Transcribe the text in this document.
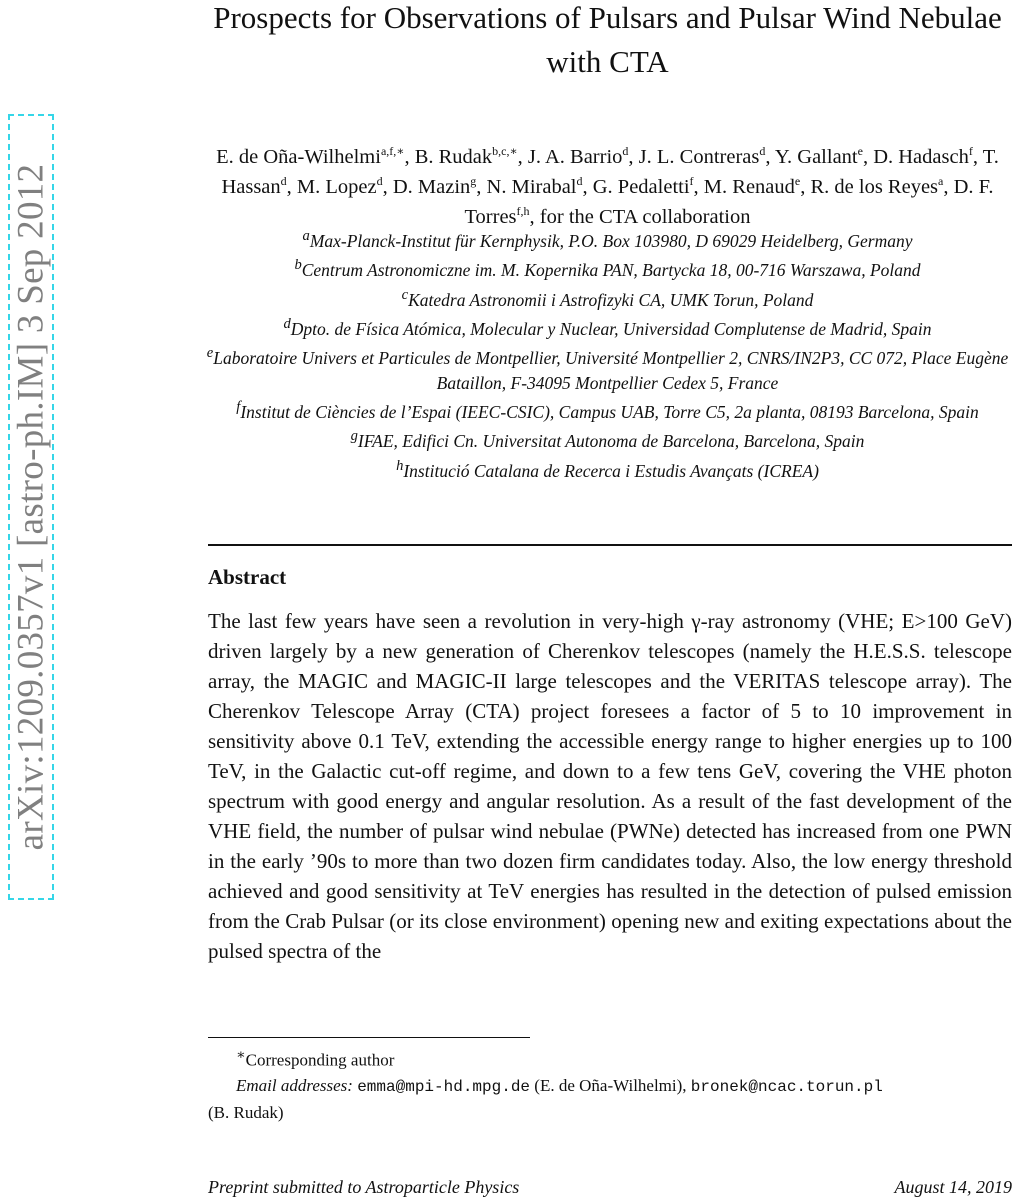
arXiv:1209.0357v1 [astro-ph.IM] 3 Sep 2012
Prospects for Observations of Pulsars and Pulsar Wind Nebulae with CTA
E. de Oña-Wilhelmi$^{a,f,∗}$, B. Rudak$^{b,c,∗}$, J. A. Barrio$^d$, J. L. Contreras$^d$, Y. Gallant$^e$, D. Hadasch$^f$, T. Hassan$^d$, M. Lopez$^d$, D. Mazin$^g$, N. Mirabal$^d$, G. Pedaletti$^f$, M. Renaud$^e$, R. de los Reyes$^a$, D. F. Torres$^{f,h}$, for the CTA collaboration
$^a$Max-Planck-Institut für Kernphysik, P.O. Box 103980, D 69029 Heidelberg, Germany
$^b$Centrum Astronomiczne im. M. Kopernika PAN, Bartycka 18, 00-716 Warszawa, Poland
$^c$Katedra Astronomii i Astrofizyki CA, UMK Torun, Poland
$^d$Dpto. de Física Atómica, Molecular y Nuclear, Universidad Complutense de Madrid, Spain
$^e$Laboratoire Univers et Particules de Montpellier, Université Montpellier 2, CNRS/IN2P3, CC 072, Place Eugène Bataillon, F-34095 Montpellier Cedex 5, France
$^f$Institut de Ciències de l’Espai (IEEC-CSIC), Campus UAB, Torre C5, 2a planta, 08193 Barcelona, Spain
$^g$IFAE, Edifici Cn. Universitat Autonoma de Barcelona, Barcelona, Spain
$^h$Institució Catalana de Recerca i Estudis Avançats (ICREA)
Abstract

The last few years have seen a revolution in very-high γ-ray astronomy (VHE; E>100 GeV) driven largely by a new generation of Cherenkov telescopes (namely the H.E.S.S. telescope array, the MAGIC and MAGIC-II large telescopes and the VERITAS telescope array). The Cherenkov Telescope Array (CTA) project foresees a factor of 5 to 10 improvement in sensitivity above 0.1 TeV, extending the accessible energy range to higher energies up to 100 TeV, in the Galactic cut-off regime, and down to a few tens GeV, covering the VHE photon spectrum with good energy and angular resolution. As a result of the fast development of the VHE field, the number of pulsar wind nebulae (PWNe) detected has increased from one PWN in the early ’90s to more than two dozen firm candidates today. Also, the low energy threshold achieved and good sensitivity at TeV energies has resulted in the detection of pulsed emission from the Crab Pulsar (or its close environment) opening new and exiting expectations about the pulsed spectra of the

∗Corresponding author
Email addresses: emma@mpi-hd.mpg.de (E. de Oña-Wilhelmi), bronek@ncac.torun.pl
(B. Rudak)
Preprint submitted to Astroparticle Physics	August 14, 2019
